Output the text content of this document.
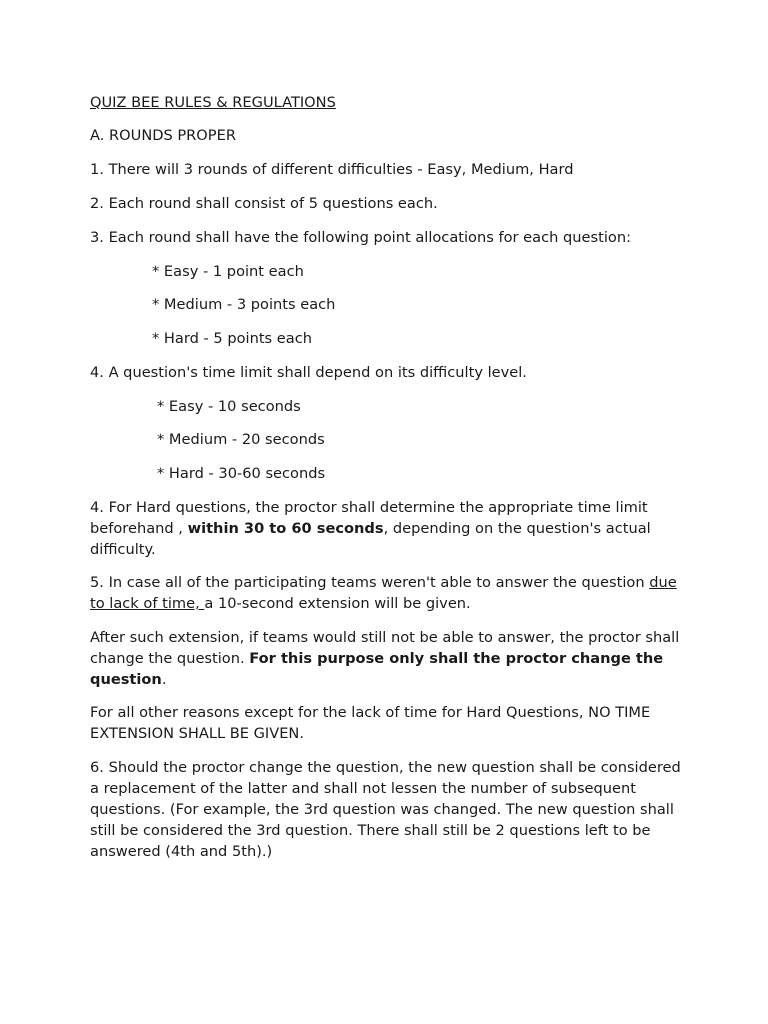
QUIZ BEE RULES & REGULATIONS

A. ROUNDS PROPER

1. There will 3 rounds of different difficulties - Easy, Medium, Hard

2. Each round shall consist of 5 questions each.

3. Each round shall have the following point allocations for each question:

* Easy - 1 point each

* Medium - 3 points each

* Hard - 5 points each

4. A question's time limit shall depend on its difficulty level.

* Easy - 10 seconds

* Medium - 20 seconds

* Hard - 30-60 seconds

4. For Hard questions, the proctor shall determine the appropriate time limit beforehand , within 30 to 60 seconds, depending on the question's actual difficulty.

5. In case all of the participating teams weren't able to answer the question due to lack of time, a 10-second extension will be given.

After such extension, if teams would still not be able to answer, the proctor shall change the question. For this purpose only shall the proctor change the question.

For all other reasons except for the lack of time for Hard Questions, NO TIME EXTENSION SHALL BE GIVEN.

6. Should the proctor change the question, the new question shall be considered a replacement of the latter and shall not lessen the number of subsequent questions. (For example, the 3rd question was changed. The new question shall still be considered the 3rd question. There shall still be 2 questions left to be answered (4th and 5th).)
